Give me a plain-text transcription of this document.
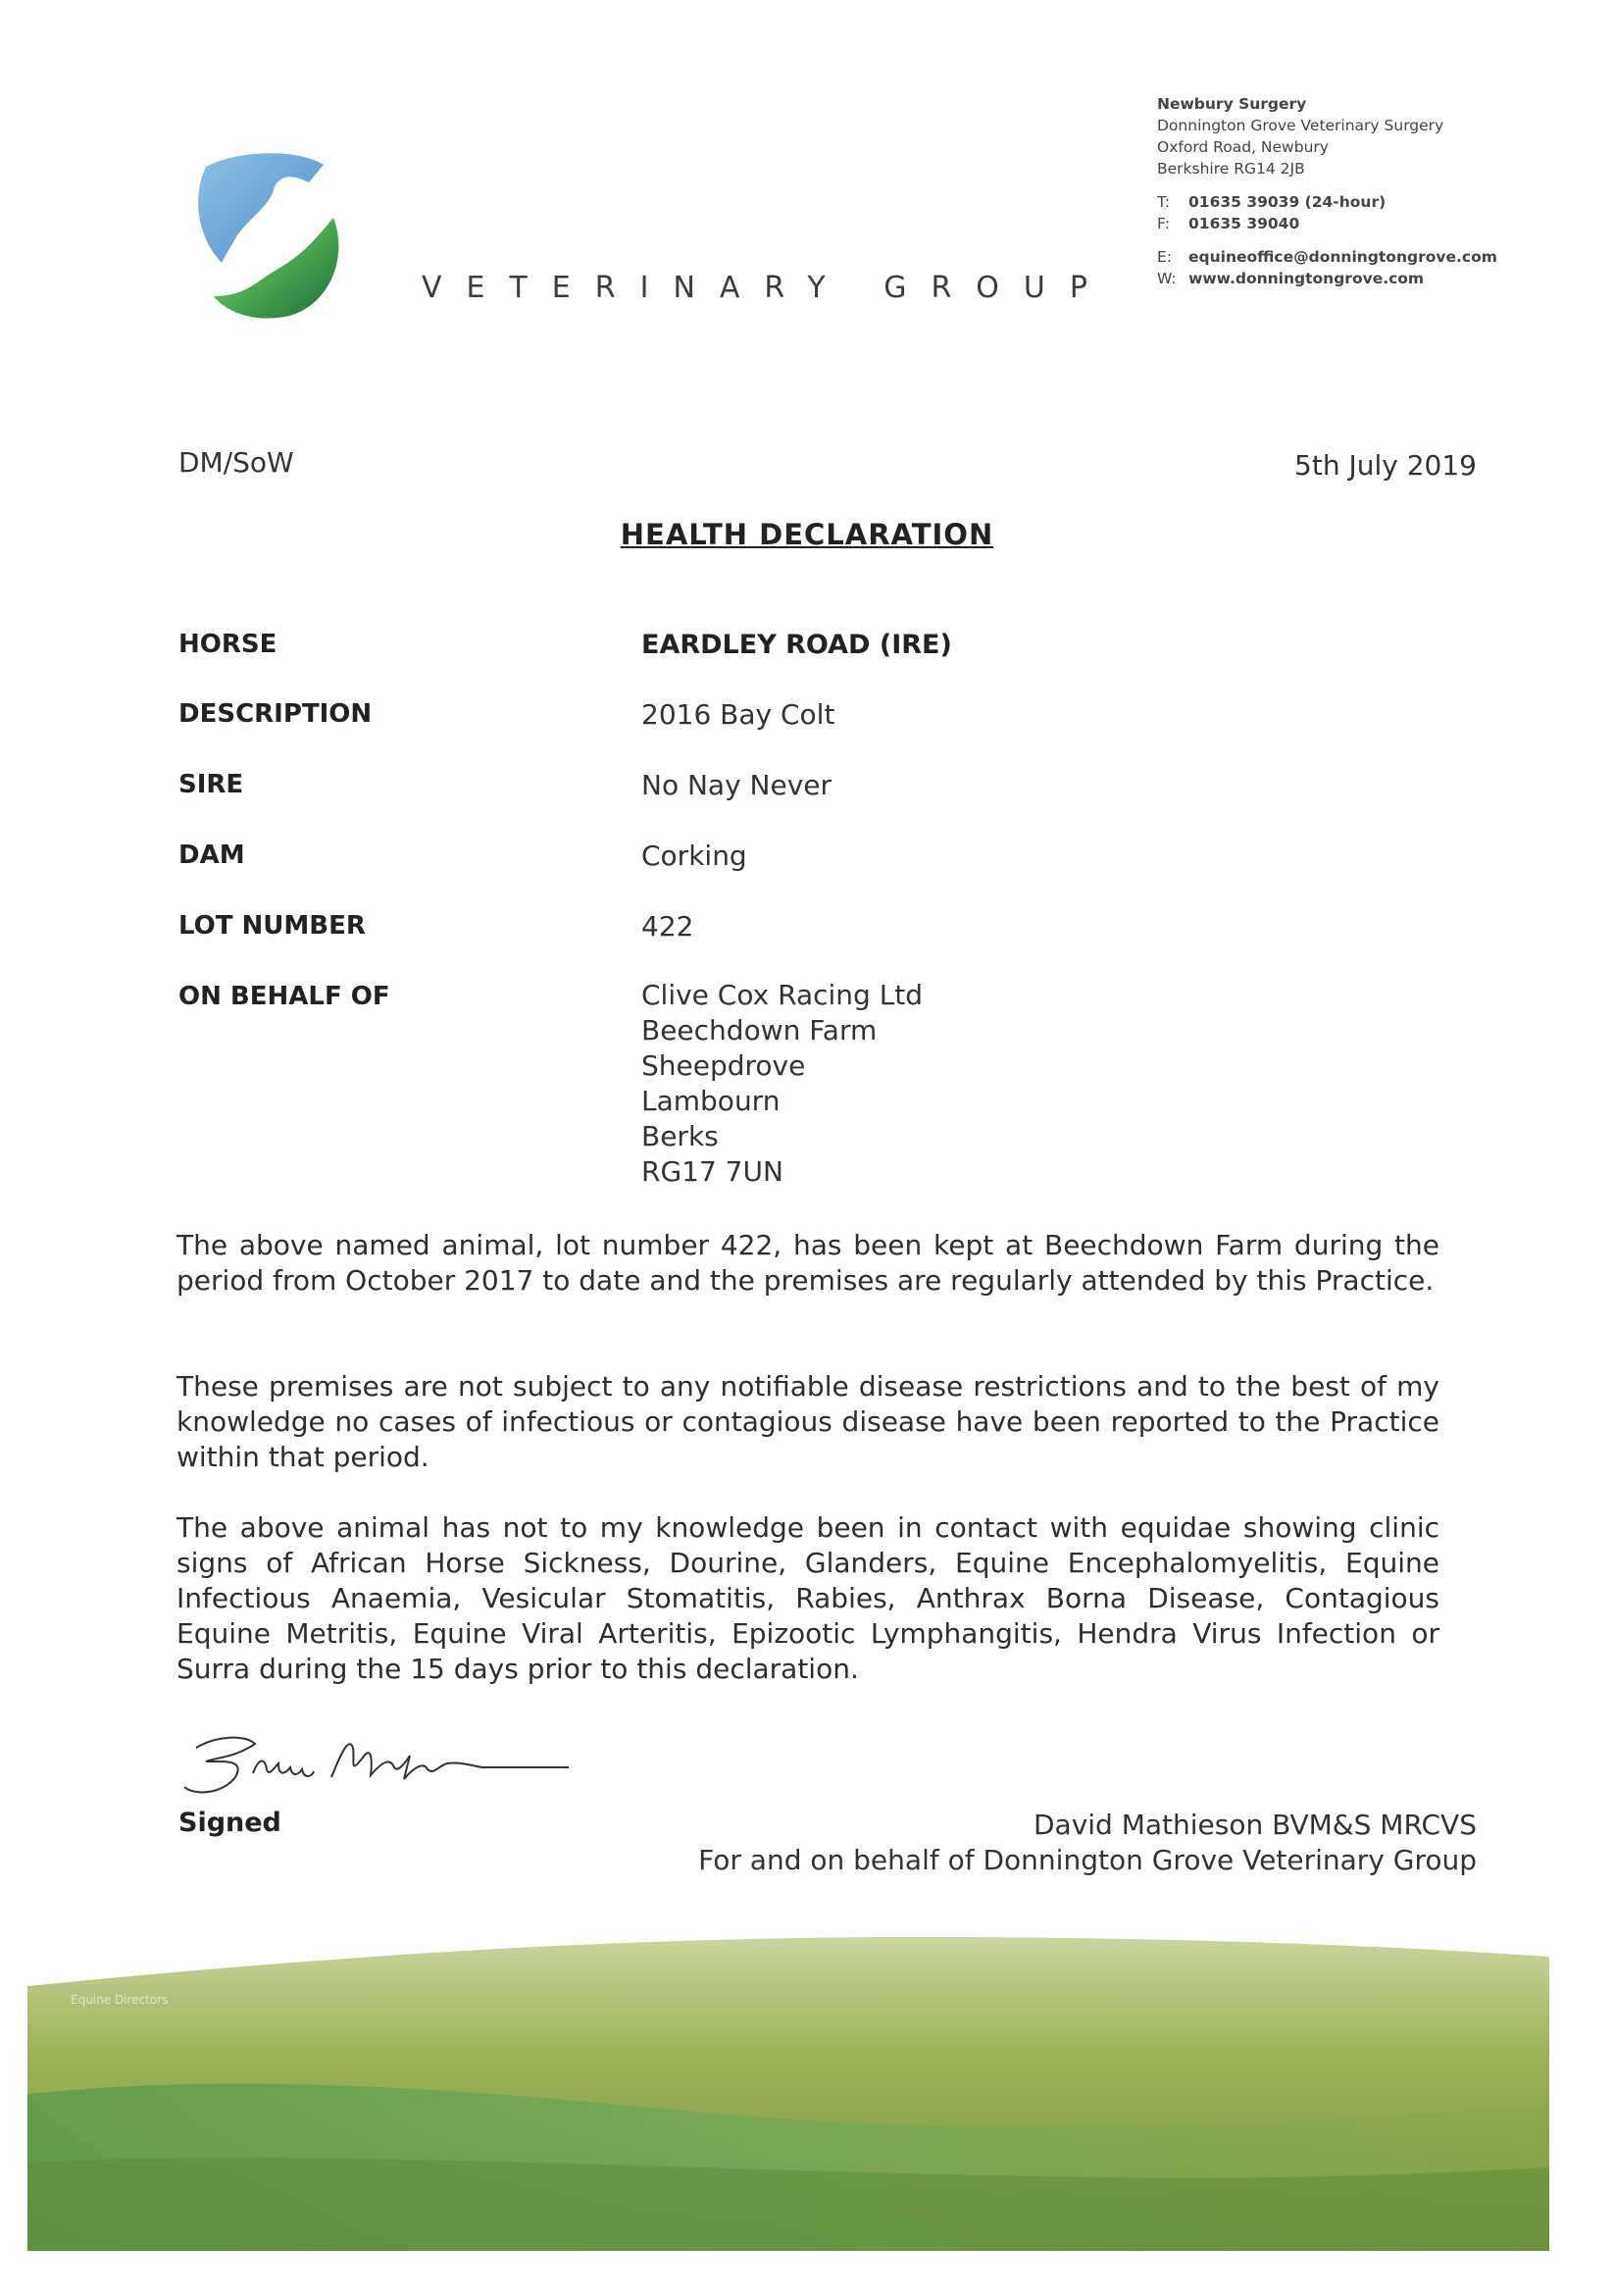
VETERINARY GROUP
Newbury Surgery
Donnington Grove Veterinary Surgery
Oxford Road, Newbury
Berkshire RG14 2JB
T: 01635 39039 (24-hour)
F: 01635 39040
E: equineoffice@donningtongrove.com
W: www.donningtongrove.com
DM/SoW	5th July 2019
HEALTH DECLARATION
HORSE	EARDLEY ROAD (IRE)
DESCRIPTION	2016 Bay Colt
SIRE	No Nay Never
DAM	Corking
LOT NUMBER	422
ON BEHALF OF	Clive Cox Racing Ltd
Beechdown Farm
Sheepdrove
Lambourn
Berks
RG17 7UN
The above named animal, lot number 422, has been kept at Beechdown Farm during the period from October 2017 to date and the premises are regularly attended by this Practice.
These premises are not subject to any notifiable disease restrictions and to the best of my knowledge no cases of infectious or contagious disease have been reported to the Practice within that period.
The above animal has not to my knowledge been in contact with equidae showing clinic signs of African Horse Sickness, Dourine, Glanders, Equine Encephalomyelitis, Equine Infectious Anaemia, Vesicular Stomatitis, Rabies, Anthrax Borna Disease, Contagious Equine Metritis, Equine Viral Arteritis, Epizootic Lymphangitis, Hendra Virus Infection or Surra during the 15 days prior to this declaration.
Signed	David Mathieson BVM&S MRCVS
For and on behalf of Donnington Grove Veterinary Group
Equine Directors
